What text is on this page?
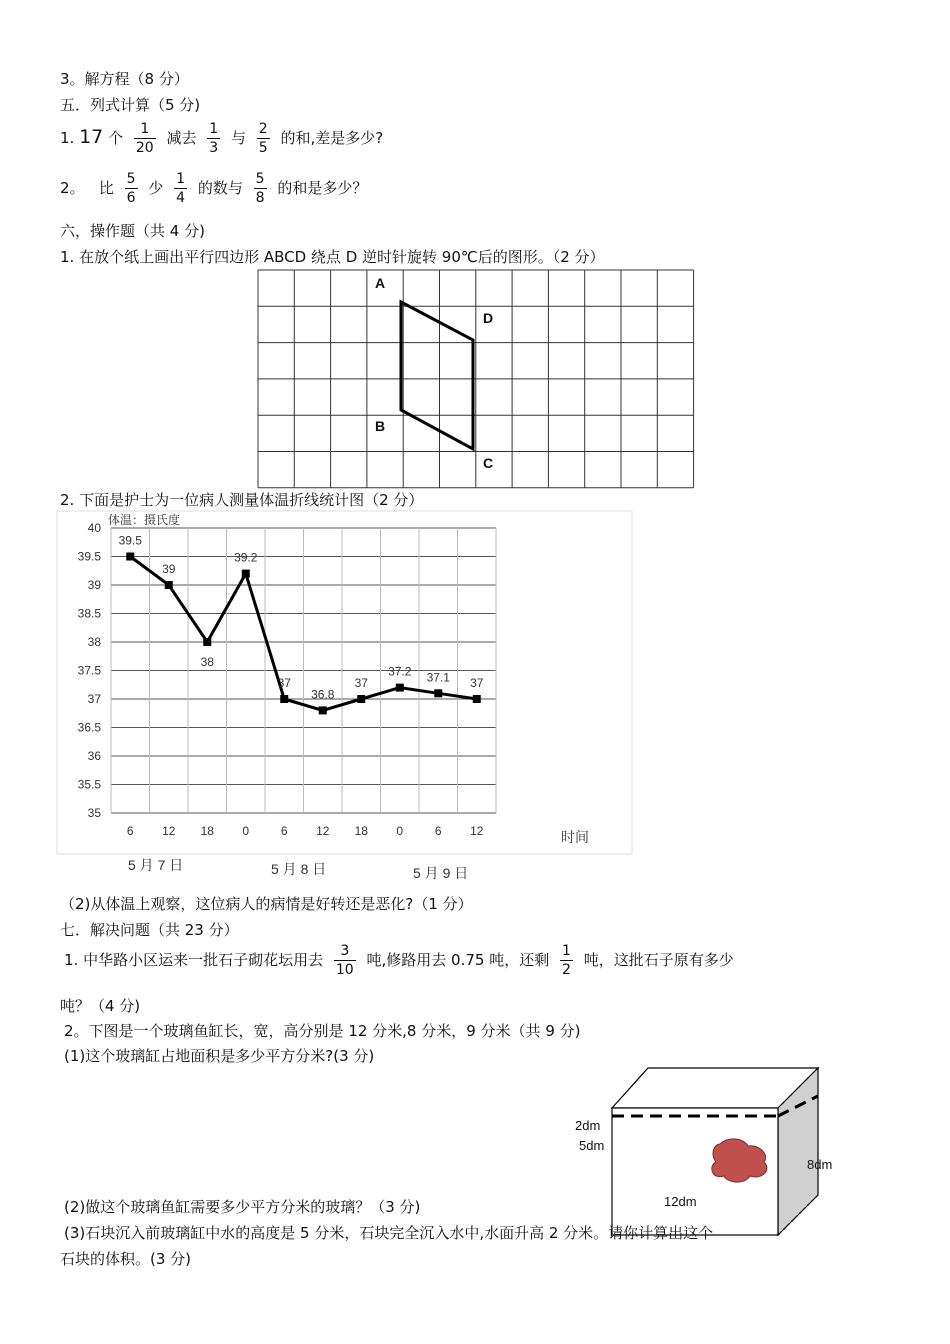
3。解方程（8 分）
五．列式计算（5 分)
1. 17 个 $\frac{1}{20}$ 减去 $\frac{1}{3}$ 与 $\frac{2}{5}$ 的和,差是多少?
2。 比 $\frac{5}{6}$ 少 $\frac{1}{4}$ 的数与 $\frac{5}{8}$ 的和是多少？
六，操作题（共 4 分)
1. 在放个纸上画出平行四边形 ABCD 绕点 D 逆时针旋转 90℃后的图形。（2 分）
A
D
B
C
2. 下面是护士为一位病人测量体温折线统计图（2 分）
35
35.5
36
36.5
37
37.5
38
38.5
39
39.5
40
6 12 18 0	6 12 18 0	6 12
39.5
39
38
39.2
37
36.8
37
37.2 37.1 37
体温：摄氏度
时间
5 月 7 日	5 月 8 日	5 月 9 日
（2)从体温上观察，这位病人的病情是好转还是恶化?（1 分）
七．解决问题（共 23 分）
1. 中华路小区运来一批石子砌花坛用去 $\frac{3}{10}$ 吨,修路用去 0.75 吨，还剩 $\frac{1}{2}$ 吨，这批石子原有多少
吨？（4 分)
2。下图是一个玻璃鱼缸长，宽，高分别是 12 分米,8 分米，9 分米（共 9 分)
(1)这个玻璃缸占地面积是多少平方分米?(3 分)
2dm
5dm
8dm
12dm
(2)做这个玻璃鱼缸需要多少平方分米的玻璃？（3 分)
(3)石块沉入前玻璃缸中水的高度是 5 分米，石块完全沉入水中,水面升高 2 分米。请你计算出这个
石块的体积。(3 分)
